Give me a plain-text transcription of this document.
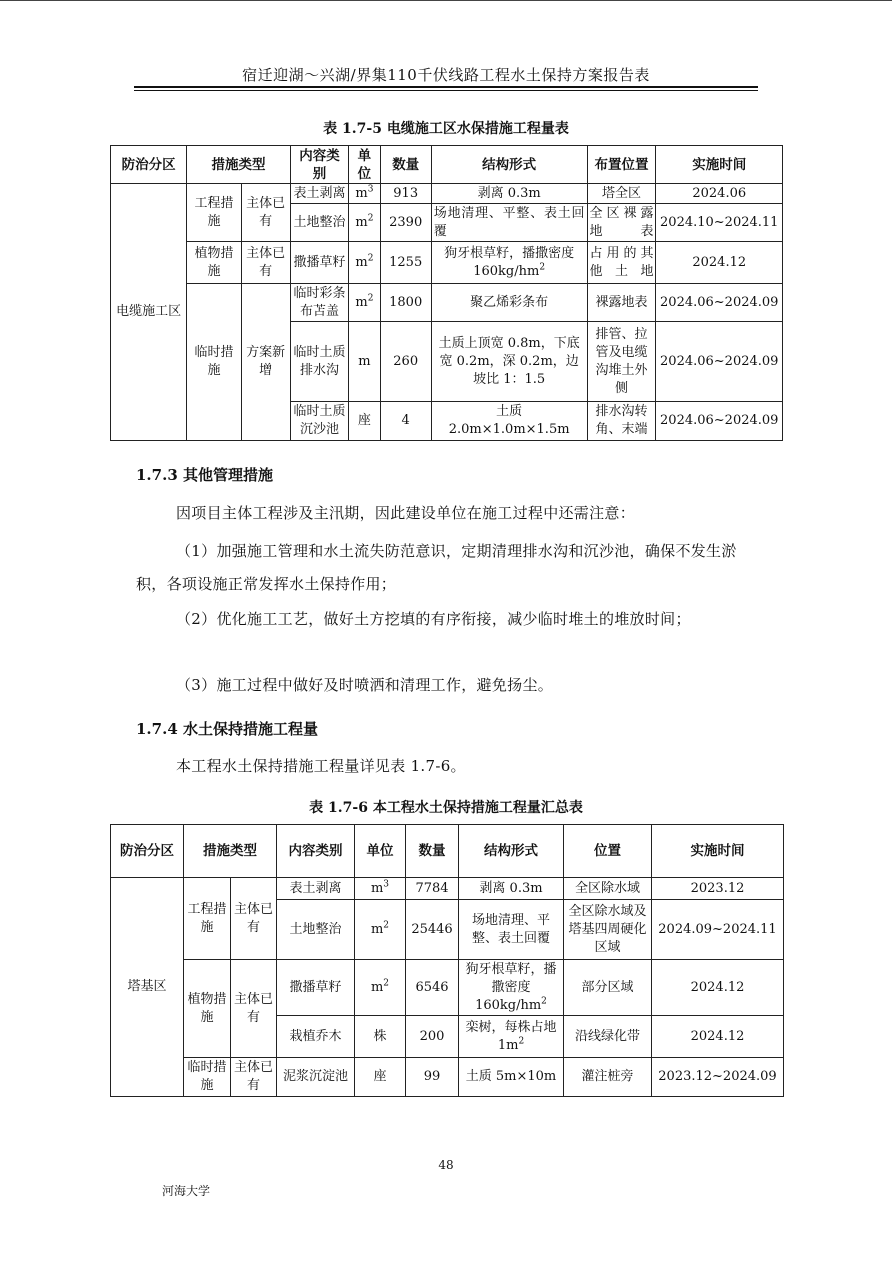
宿迁迎湖～兴湖/界集110千伏线路工程水土保持方案报告表
表 1.7-5 电缆施工区水保措施工程量表
防治分区	措施类型		内容类别	单位	数量	结构形式	布置位置	实施时间
电缆施工区	工程措施	主体已有	表土剥离	$m^3$	913	剥离 0.3m	塔全区	2024.06
			土地整治	$m^2$	2390	场地清理、平整、表土回覆	全区裸露地表	2024.10~2024.11
	植物措施	主体已有	撒播草籽	$m^2$	1255	狗牙根草籽，播撒密度 $160kg/hm^2$	占用的其他土地	2024.12
	临时措施	方案新增	临时彩条布苫盖	$m^2$	1800	聚乙烯彩条布	裸露地表	2024.06~2024.09
			临时土质排水沟	m	260	土质上顶宽 0.8m，下底宽 0.2m，深 0.2m，边坡比 1：1.5	排管、拉管及电缆沟堆土外侧	2024.06~2024.09
			临时土质沉沙池	座	4	土质 2.0m×1.0m×1.5m	排水沟转角、末端	2024.06~2024.09
1.7.3 其他管理措施
因项目主体工程涉及主汛期，因此建设单位在施工过程中还需注意：
（1）加强施工管理和水土流失防范意识，定期清理排水沟和沉沙池，确保不发生淤积，各项设施正常发挥水土保持作用；
（2）优化施工工艺，做好土方挖填的有序衔接，减少临时堆土的堆放时间；
（3）施工过程中做好及时喷洒和清理工作，避免扬尘。
1.7.4 水土保持措施工程量
本工程水土保持措施工程量详见表 1.7-6。
表 1.7-6 本工程水土保持措施工程量汇总表
防治分区	措施类型		内容类别	单位	数量	结构形式	位置	实施时间
塔基区	工程措施	主体已有	表土剥离	$m^3$	7784	剥离 0.3m	全区除水域	2023.12
			土地整治	$m^2$	25446	场地清理、平整、表土回覆	全区除水域及塔基四周硬化区域	2024.09~2024.11
	植物措施	主体已有	撒播草籽	$m^2$	6546	狗牙根草籽，播撒密度 $160kg/hm^2$	部分区域	2024.12
			栽植乔木	株	200	栾树，每株占地 $1m^2$	沿线绿化带	2024.12
	临时措施	主体已有	泥浆沉淀池	座	99	土质 5m×10m	灌注桩旁	2023.12~2024.09
48
河海大学
